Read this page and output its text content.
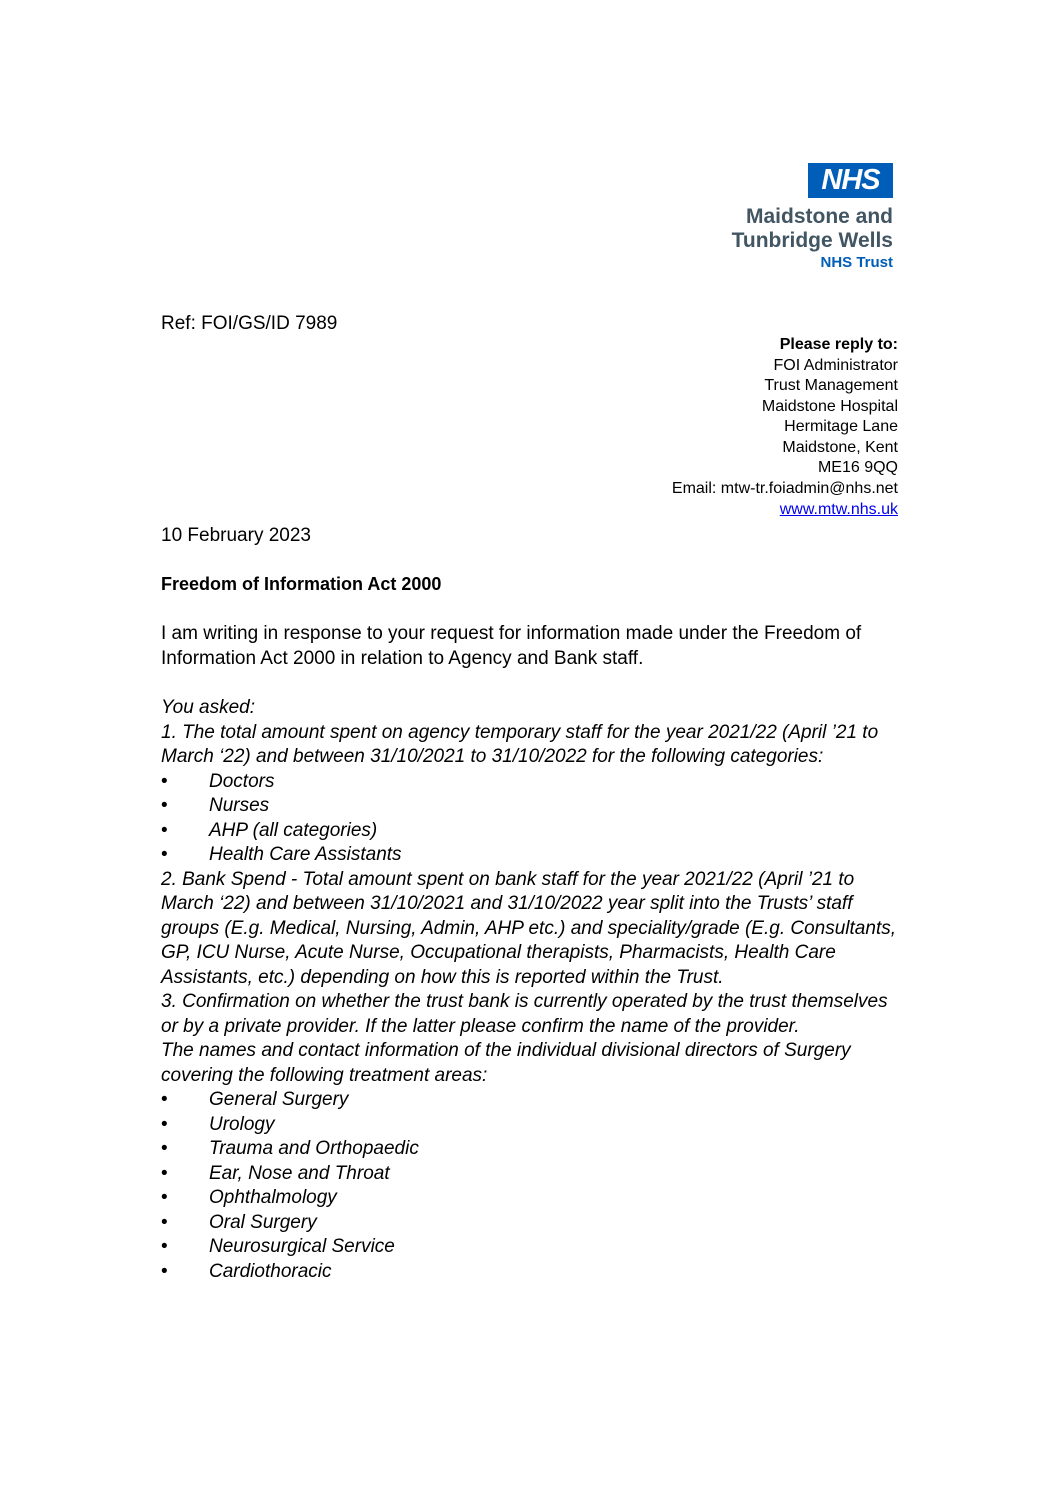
NHS
Maidstone and
Tunbridge Wells
NHS Trust
Ref: FOI/GS/ID 7989
Please reply to:
FOI Administrator
Trust Management
Maidstone Hospital
Hermitage Lane
Maidstone, Kent
ME16 9QQ
Email: mtw-tr.foiadmin@nhs.net
www.mtw.nhs.uk
10 February 2023
Freedom of Information Act 2000
I am writing in response to your request for information made under the Freedom of Information Act 2000 in relation to Agency and Bank staff.

You asked:

1. The total amount spent on agency temporary staff for the year 2021/22 (April ’21 to March ‘22) and between 31/10/2021 to 31/10/2022 for the following categories:

• Doctors
• Nurses
• AHP (all categories)
• Health Care Assistants

2. Bank Spend - Total amount spent on bank staff for the year 2021/22 (April ’21 to March ‘22) and between 31/10/2021 and 31/10/2022 year split into the Trusts’ staff groups (E.g. Medical, Nursing, Admin, AHP etc.) and speciality/grade (E.g. Consultants, GP, ICU Nurse, Acute Nurse, Occupational therapists, Pharmacists, Health Care Assistants, etc.) depending on how this is reported within the Trust.

3. Confirmation on whether the trust bank is currently operated by the trust themselves or by a private provider. If the latter please confirm the name of the provider.

The names and contact information of the individual divisional directors of Surgery covering the following treatment areas:

• General Surgery
• Urology
• Trauma and Orthopaedic
• Ear, Nose and Throat
• Ophthalmology
• Oral Surgery
• Neurosurgical Service
• Cardiothoracic
